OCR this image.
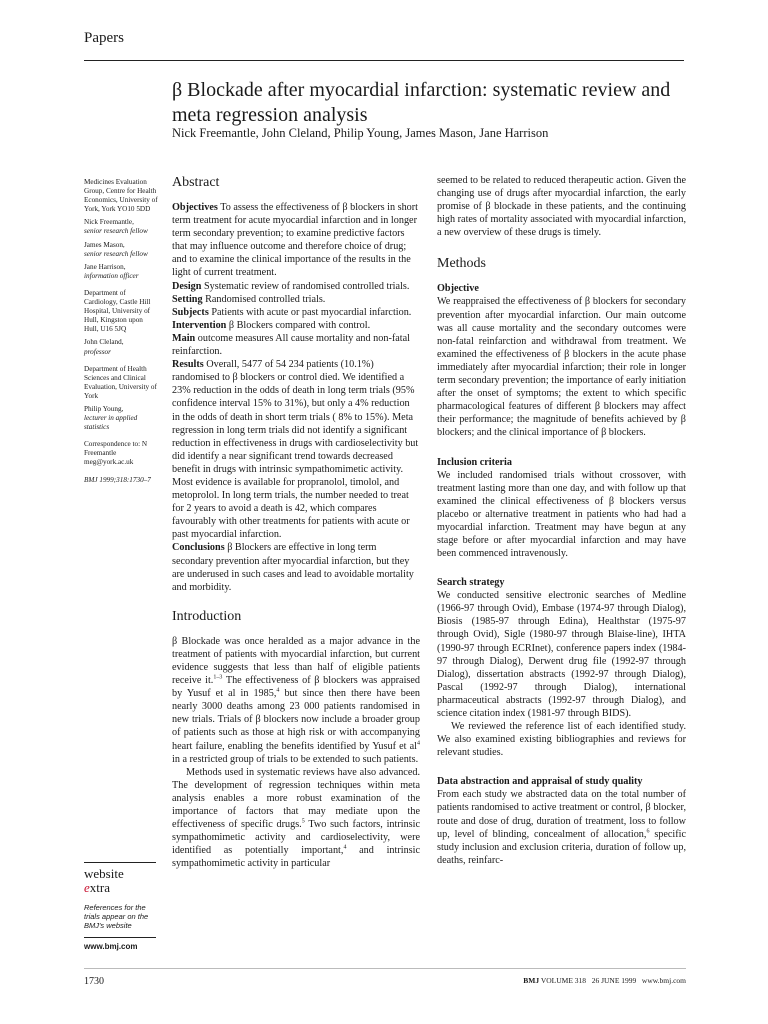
Papers
β Blockade after myocardial infarction: systematic review and meta regression analysis
Nick Freemantle, John Cleland, Philip Young, James Mason, Jane Harrison

Medicines Evaluation Group, Centre for Health Economics, University of York, York YO10 5DD

Nick Freemantle,
senior research fellow

James Mason,
senior research fellow

Jane Harrison,
information officer

Department of Cardiology, Castle Hill Hospital, University of Hull, Kingston upon Hull, U16 5JQ

John Cleland,
professor

Department of Health Sciences and Clinical Evaluation, University of York

Philip Young,
lecturer in applied statistics

Correspondence to: N Freemantle meg@york.ac.uk

BMJ 1999;318:1730–7

Abstract

Objectives To assess the effectiveness of β blockers in short term treatment for acute myocardial infarction and in longer term secondary prevention; to examine predictive factors that may influence outcome and therefore choice of drug; and to examine the clinical importance of the results in the light of current treatment.

Design Systematic review of randomised controlled trials.

Setting Randomised controlled trials.

Subjects Patients with acute or past myocardial infarction.

Intervention β Blockers compared with control.

Main outcome measures All cause mortality and non-fatal reinfarction.

Results Overall, 5477 of 54 234 patients (10.1%) randomised to β blockers or control died. We identified a 23% reduction in the odds of death in long term trials (95% confidence interval 15% to 31%), but only a 4% reduction in the odds of death in short term trials ( 8% to 15%). Meta regression in long term trials did not identify a significant reduction in effectiveness in drugs with cardioselectivity but did identify a near significant trend towards decreased benefit in drugs with intrinsic sympathomimetic activity. Most evidence is available for propranolol, timolol, and metoprolol. In long term trials, the number needed to treat for 2 years to avoid a death is 42, which compares favourably with other treatments for patients with acute or past myocardial infarction.

Conclusions β Blockers are effective in long term secondary prevention after myocardial infarction, but they are underused in such cases and lead to avoidable mortality and morbidity.

Introduction

β Blockade was once heralded as a major advance in the treatment of patients with myocardial infarction, but current evidence suggests that less than half of eligible patients receive it.$^{1-3}$ The effectiveness of β blockers was appraised by Yusuf et al in 1985,$^4$ but since then there have been nearly 3000 deaths among 23 000 patients randomised in new trials. Trials of β blockers now include a broader group of patients such as those at high risk or with accompanying heart failure, enabling the benefits identified by Yusuf et $al^4$ in a restricted group of trials to be extended to such patients.

Methods used in systematic reviews have also advanced. The development of regression techniques within meta analysis enables a more robust examination of the importance of factors that may mediate upon the effectiveness of specific drugs.$^5$ Two such factors, intrinsic sympathomimetic activity and cardioselectivity, were identified as potentially important,$^4$ and intrinsic sympathomimetic activity in particular

seemed to be related to reduced therapeutic action. Given the changing use of drugs after myocardial infarction, the early promise of β blockade in these patients, and the continuing high rates of mortality associated with myocardial infarction, a new overview of these drugs is timely.

Methods
Objective

We reappraised the effectiveness of β blockers for secondary prevention after myocardial infarction. Our main outcome was all cause mortality and the secondary outcomes were non-fatal reinfarction and withdrawal from treatment. We examined the effectiveness of β blockers in the acute phase immediately after myocardial infarction; their role in longer term secondary prevention; the importance of early initiation after the onset of symptoms; the extent to which specific pharmacological features of different β blockers may affect their performance; the magnitude of benefits achieved by β blockers; and the clinical importance of β blockers.

Inclusion criteria

We included randomised trials without crossover, with treatment lasting more than one day, and with follow up that examined the clinical effectiveness of β blockers versus placebo or alternative treatment in patients who had had a myocardial infarction. Treatment may have begun at any stage before or after myocardial infarction and may have been commenced intravenously.

Search strategy

We conducted sensitive electronic searches of Medline (1966-97 through Ovid), Embase (1974-97 through Dialog), Biosis (1985-97 through Edina), Healthstar (1975-97 through Ovid), Sigle (1980-97 through Blaise-line), IHTA (1990-97 through ECRInet), conference papers index (1984-97 through Dialog), Derwent drug file (1992-97 through Dialog), dissertation abstracts (1992-97 through Dialog), Pascal (1992-97 through Dialog), international pharmaceutical abstracts (1992-97 through Dialog), and science citation index (1981-97 through BIDS).

We reviewed the reference list of each identified study. We also examined existing bibliographies and reviews for relevant studies.

Data abstraction and appraisal of study quality

From each study we abstracted data on the total number of patients randomised to active treatment or control, β blocker, route and dose of drug, duration of treatment, loss to follow up, level of blinding, concealment of allocation,$^6$ specific study inclusion and exclusion criteria, duration of follow up, deaths, reinfarc-

website
extra
References for the trials appear on the BMJ's website
www.bmj.com
1730	BMJ VOLUME 318 26 JUNE 1999 www.bmj.com
